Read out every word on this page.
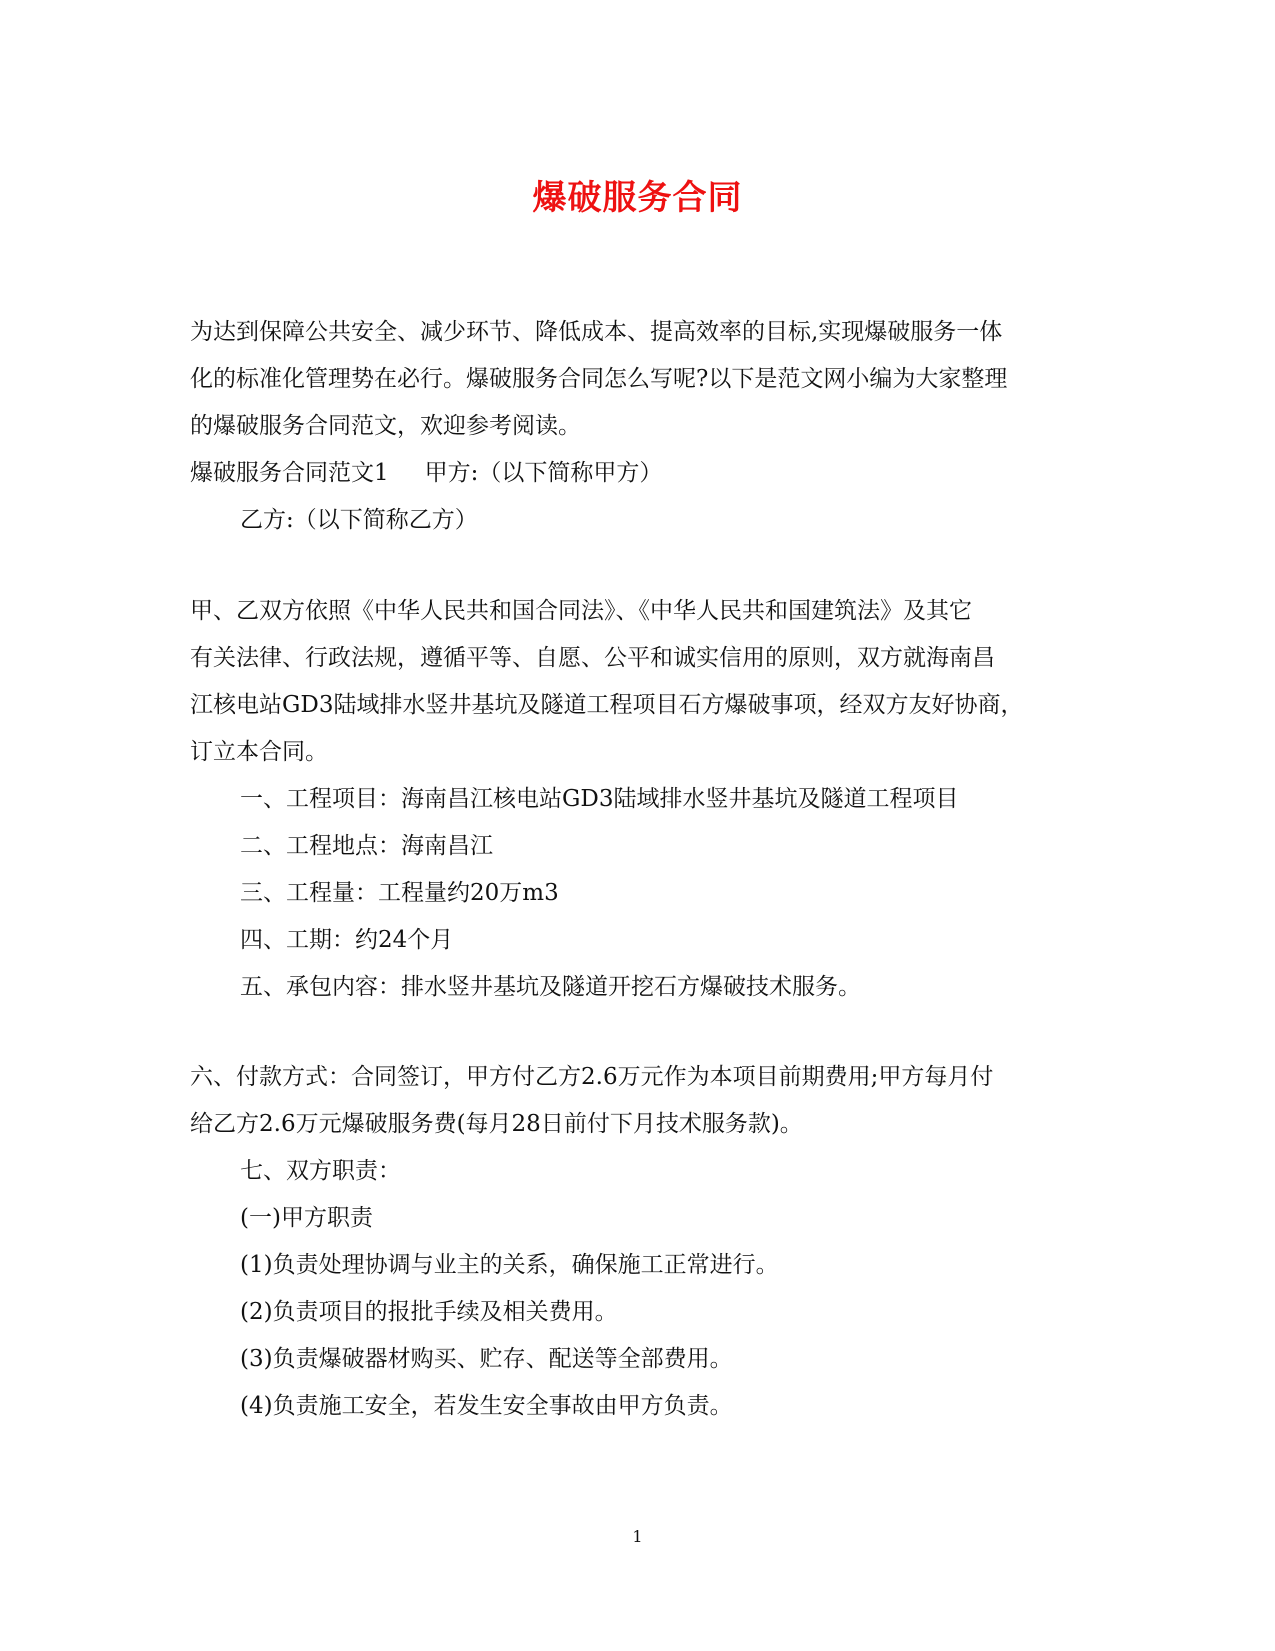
爆破服务合同
为达到保障公共安全、减少环节、降低成本、提高效率的目标,实现爆破服务一体
化的标准化管理势在必行。爆破服务合同怎么写呢?以下是范文网小编为大家整理
的爆破服务合同范文，欢迎参考阅读。
爆破服务合同范文1 甲方:（以下简称甲方）
乙方:（以下简称乙方）
甲、乙双方依照《中华人民共和国合同法》、《中华人民共和国建筑法》及其它
有关法律、行政法规，遵循平等、自愿、公平和诚实信用的原则，双方就海南昌
江核电站GD3陆域排水竖井基坑及隧道工程项目石方爆破事项，经双方友好协商，
订立本合同。
一、工程项目：海南昌江核电站GD3陆域排水竖井基坑及隧道工程项目
二、工程地点：海南昌江
三、工程量：工程量约20万m3
四、工期：约24个月
五、承包内容：排水竖井基坑及隧道开挖石方爆破技术服务。
六、付款方式：合同签订，甲方付乙方2.6万元作为本项目前期费用;甲方每月付
给乙方2.6万元爆破服务费(每月28日前付下月技术服务款)。
七、双方职责：
(一)甲方职责
(1)负责处理协调与业主的关系，确保施工正常进行。
(2)负责项目的报批手续及相关费用。
(3)负责爆破器材购买、贮存、配送等全部费用。
(4)负责施工安全，若发生安全事故由甲方负责。
1
